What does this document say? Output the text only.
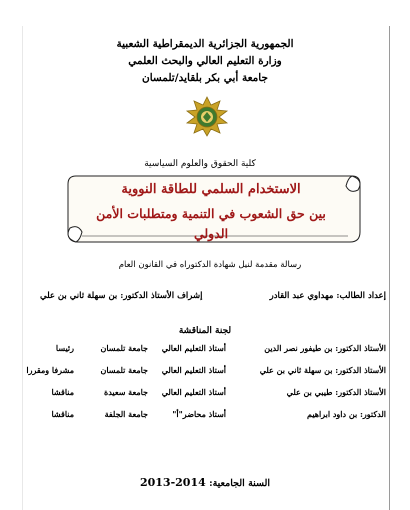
الجمهورية الجزائرية الديمقراطية الشعبية
وزارة التعليم العالي والبحث العلمي
جامعة أبي بكر بلقايد/تلمسان
كلية الحقوق والعلوم السياسية
الاستخدام السلمي للطاقة النووية
بين حق الشعوب في التنمية ومتطلبات الأمن الدولي
رسالة مقدمة لنيل شهادة الدكتوراه في القانون العام
إعداد الطالب: مهداوي عبد القادر
إشراف الأستاذ الدكتور: بن سهلة ثاني بن علي
لجنة المناقشة
الأستاذ الدكتور: بن طيفور نصر الدين
أستاذ التعليم العالي
جامعة تلمسان
رئيسا
الأستاذ الدكتور: بن سهلة ثاني بن علي
أستاذ التعليم العالي
جامعة تلمسان
مشرفا ومقررا
الأستاذ الدكتور: طيبي بن علي
أستاذ التعليم العالي
جامعة سعيدة
مناقشا
الدكتور: بن داود ابراهيم
أستاذ محاضر"أ"
جامعة الجلفة
مناقشا
السنة الجامعية: 2013-2014
